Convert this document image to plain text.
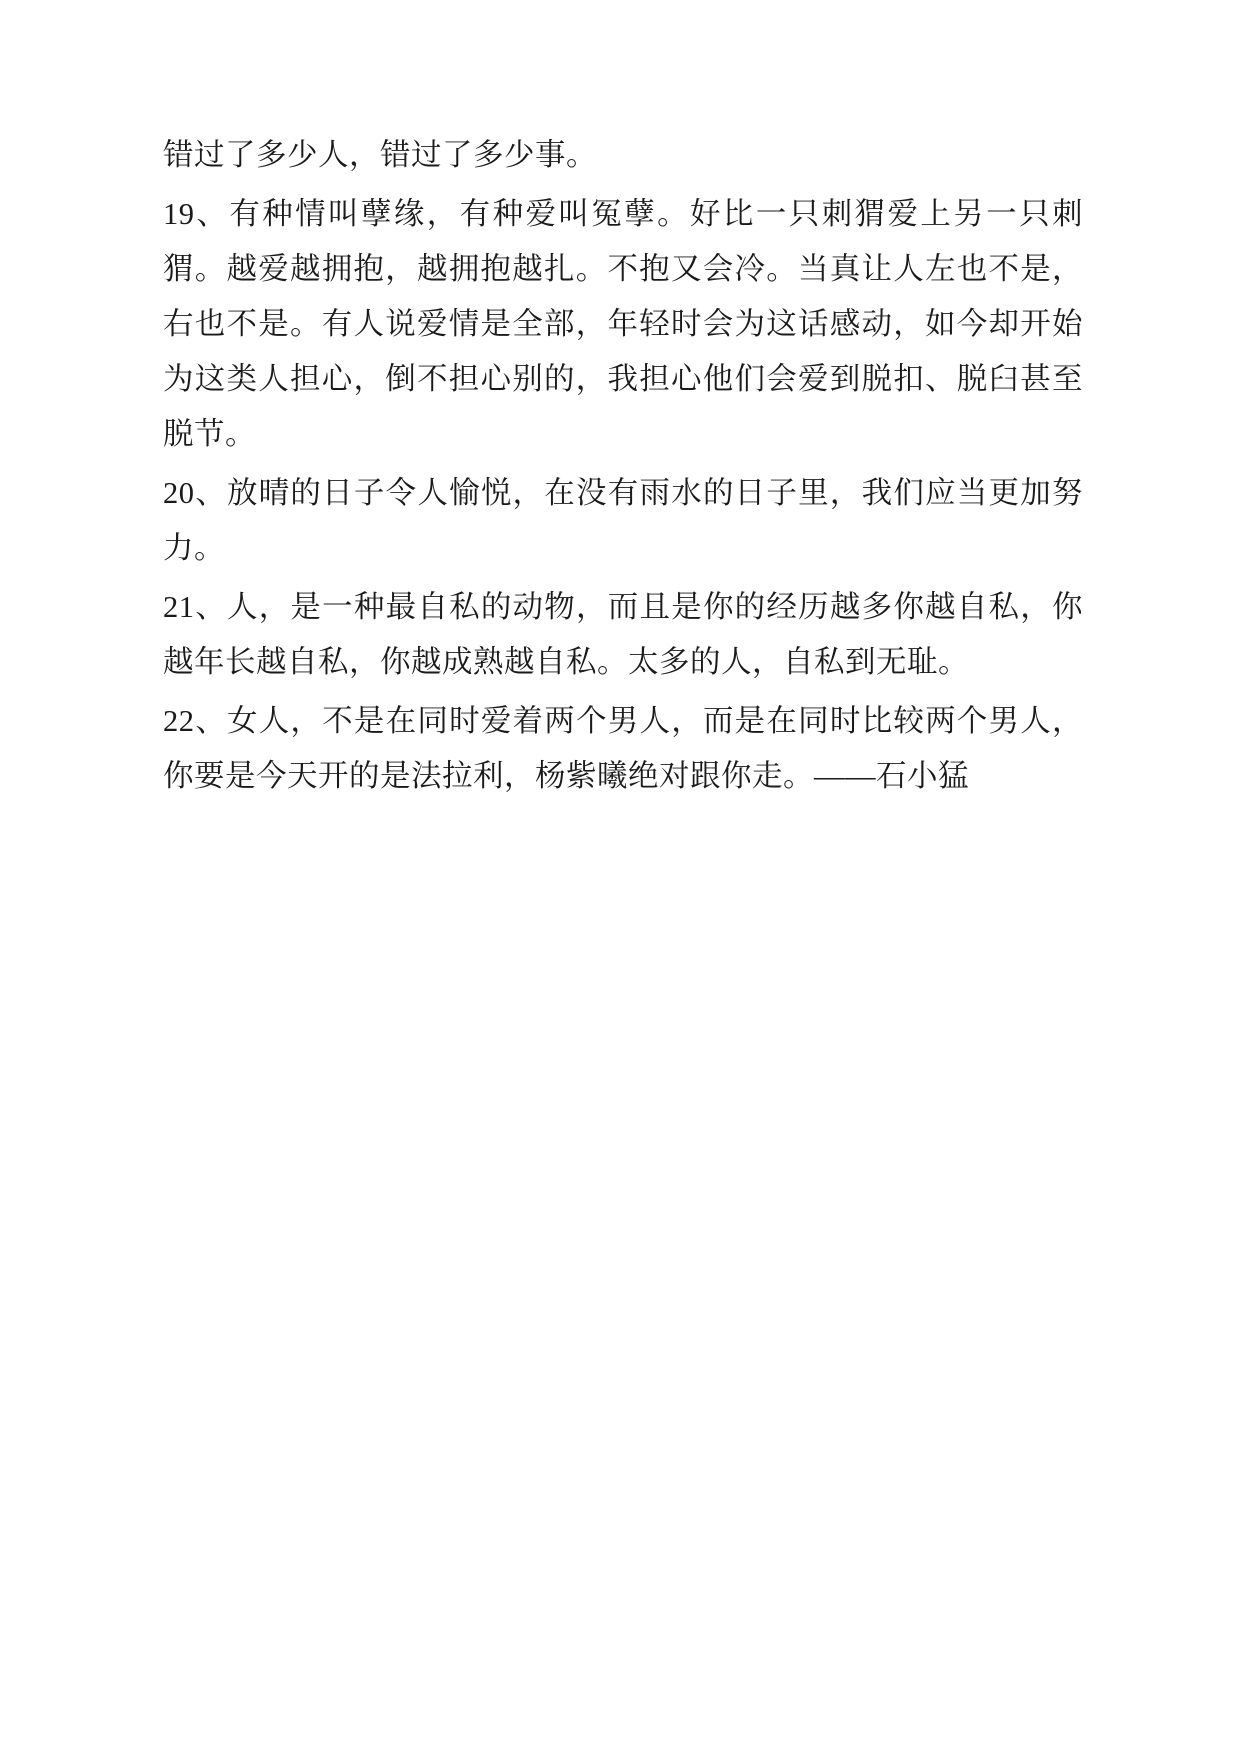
错过了多少人，错过了多少事。

19、有种情叫孽缘，有种爱叫冤孽。好比一只刺猬爱上另一只刺猬。越爱越拥抱，越拥抱越扎。不抱又会冷。当真让人左也不是，右也不是。有人说爱情是全部，年轻时会为这话感动，如今却开始为这类人担心，倒不担心别的，我担心他们会爱到脱扣、脱臼甚至脱节。

20、放晴的日子令人愉悦，在没有雨水的日子里，我们应当更加努力。

21、人，是一种最自私的动物，而且是你的经历越多你越自私，你越年长越自私，你越成熟越自私。太多的人，自私到无耻。

22、女人，不是在同时爱着两个男人，而是在同时比较两个男人，你要是今天开的是法拉利，杨紫曦绝对跟你走。——石小猛
